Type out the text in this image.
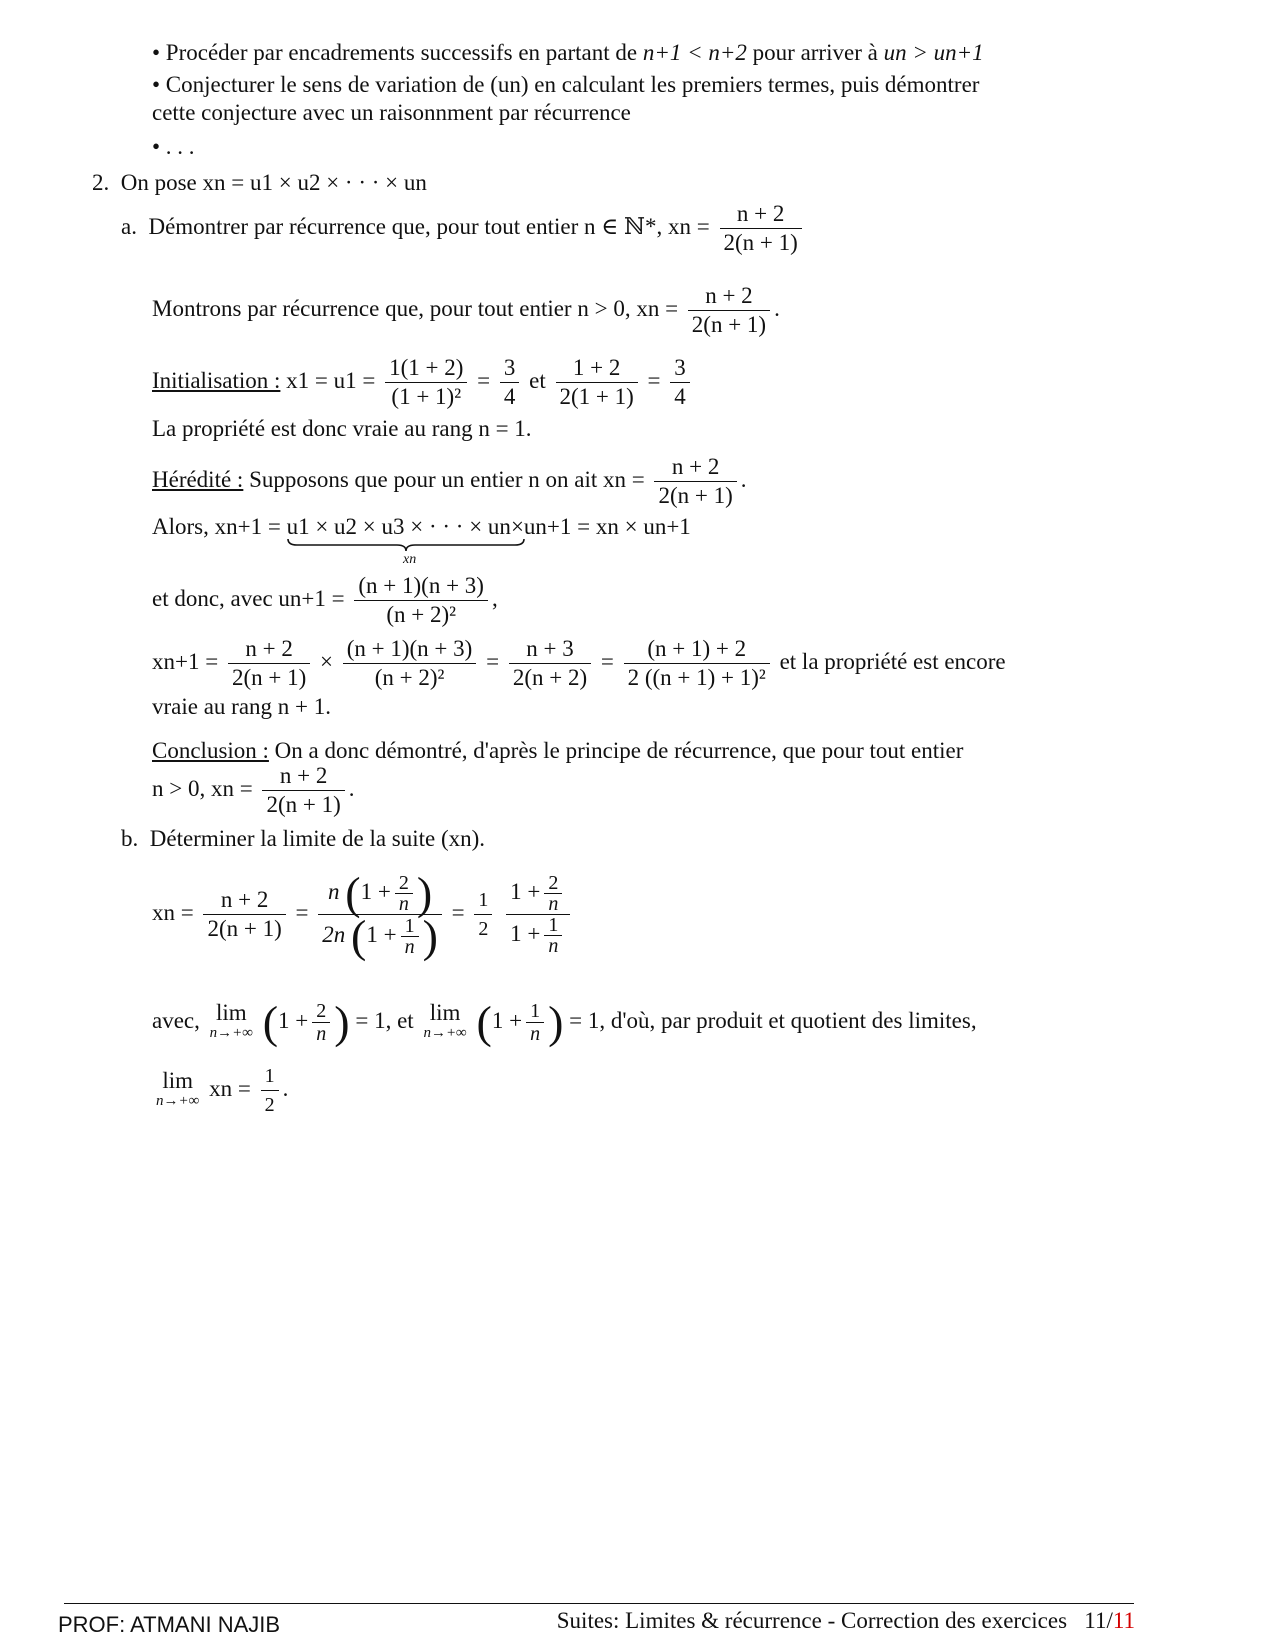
• Procéder par encadrements successifs en partant de n+1 < n+2 pour arriver à un > un+1
• Conjecturer le sens de variation de (un) en calculant les premiers termes, puis démontrer
cette conjecture avec un raisonnment par récurrence
• . . .
2. On pose xn = u1 × u2 × · · · × un
a. Démontrer par récurrence que, pour tout entier n ∈ ℕ*, xn = $\frac{n + 2}{2(n + 1)}$
Montrons par récurrence que, pour tout entier n > 0, xn = $\frac{n + 2}{2(n + 1)}$ .
Initialisation : $x1 = u1 = \frac{1(1 + 2)}{\text{(1 + 1)²}} = \frac{3}{4}$ et $\frac{1 + 2}{2(1 + 1)} = \frac{3}{4}$
La propriété est donc vraie au rang n = 1.
Hérédité : Supposons que pour un entier n on ait xn = $\frac{n + 2}{2(n + 1)}$ .
Alors, xn+1 = u1 × u2 × u3 × · · · × un
×un+1 = xn × un+1
xn
et donc, avec $un+1 = \frac{(n + 1)(n + 3)}{\text{(n + 2)²}}$ ,
$xn+1 = \frac{n + 2}{2(n + 1)} \times \frac{(n + 1)(n + 3)}{\text{(n + 2)²}} = \frac{n + 3}{2(n + 2)} = \frac{(n + 1) + 2}{\text{2 ((n + 1) + 1)²}}$ et la propriété est encore
vraie au rang n + 1.
Conclusion : On a donc démontré, d'après le principe de récurrence, que pour tout entier
n > 0, xn = $\frac{n + 2}{2(n + 1)}$ .
b. Déterminer la limite de la suite (xn).
xn = $\frac{n + 2}{2(n + 1)} = \frac{n (1 + \frac{2}{n} )}{2n (1 + \frac{1}{n} )} = \frac{1}{2}$
$\frac{1 + \frac{2}{n}}{1 + \frac{1}{n}}$
avec, lim
n→+∞ ($1 + \frac{2}{n}$ ) = 1, et lim
n→+∞ ($1 + \frac{1}{n}$ ) = 1, d'où, par produit et quotient des limites,
lim
n→+∞ xn = $\frac{1}{2}$ .
PROF: ATMANI NAJIB	Suites: Limites & récurrence - Correction des exercices 11/11
